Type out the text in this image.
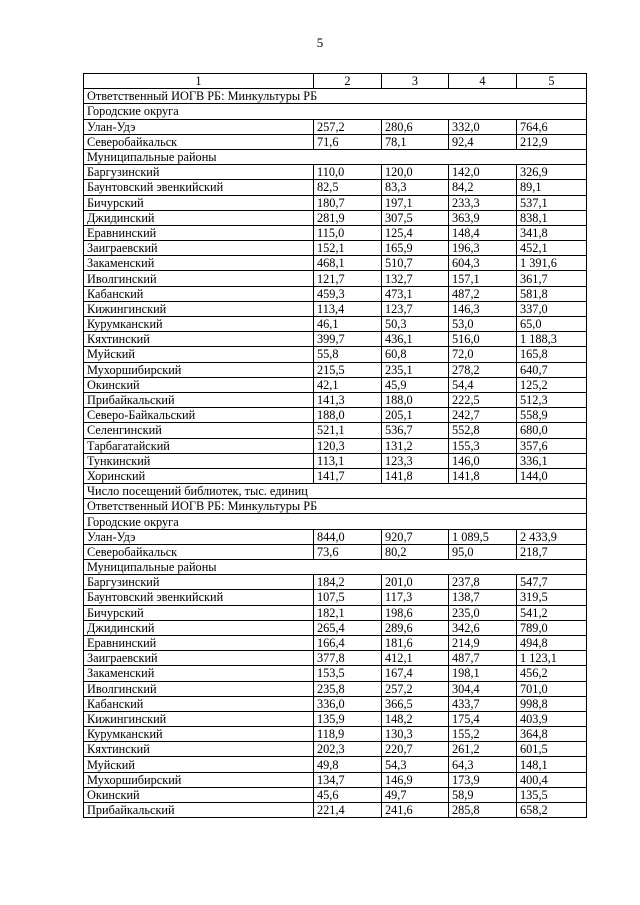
5
1	2	3	4	5
Ответственный ИОГВ РБ: Минкультуры РБ				
Городские округа				
Улан-Удэ	257,2	280,6	332,0	764,6
Северобайкальск	71,6	78,1	92,4	212,9
Муниципальные районы				
Баргузинский	110,0	120,0	142,0	326,9
Баунтовский эвенкийский	82,5	83,3	84,2	89,1
Бичурский	180,7	197,1	233,3	537,1
Джидинский	281,9	307,5	363,9	838,1
Еравнинский	115,0	125,4	148,4	341,8
Заиграевский	152,1	165,9	196,3	452,1
Закаменский	468,1	510,7	604,3	1 391,6
Иволгинский	121,7	132,7	157,1	361,7
Кабанский	459,3	473,1	487,2	581,8
Кижингинский	113,4	123,7	146,3	337,0
Курумканский	46,1	50,3	53,0	65,0
Кяхтинский	399,7	436,1	516,0	1 188,3
Муйский	55,8	60,8	72,0	165,8
Мухоршибирский	215,5	235,1	278,2	640,7
Окинский	42,1	45,9	54,4	125,2
Прибайкальский	141,3	188,0	222,5	512,3
Северо-Байкальский	188,0	205,1	242,7	558,9
Селенгинский	521,1	536,7	552,8	680,0
Тарбагатайский	120,3	131,2	155,3	357,6
Тункинский	113,1	123,3	146,0	336,1
Хоринский	141,7	141,8	141,8	144,0
Число посещений библиотек, тыс. единиц				
Ответственный ИОГВ РБ: Минкультуры РБ				
Городские округа				
Улан-Удэ	844,0	920,7	1 089,5	2 433,9
Северобайкальск	73,6	80,2	95,0	218,7
Муниципальные районы				
Баргузинский	184,2	201,0	237,8	547,7
Баунтовский эвенкийский	107,5	117,3	138,7	319,5
Бичурский	182,1	198,6	235,0	541,2
Джидинский	265,4	289,6	342,6	789,0
Еравнинский	166,4	181,6	214,9	494,8
Заиграевский	377,8	412,1	487,7	1 123,1
Закаменский	153,5	167,4	198,1	456,2
Иволгинский	235,8	257,2	304,4	701,0
Кабанский	336,0	366,5	433,7	998,8
Кижингинский	135,9	148,2	175,4	403,9
Курумканский	118,9	130,3	155,2	364,8
Кяхтинский	202,3	220,7	261,2	601,5
Муйский	49,8	54,3	64,3	148,1
Мухоршибирский	134,7	146,9	173,9	400,4
Окинский	45,6	49,7	58,9	135,5
Прибайкальский	221,4	241,6	285,8	658,2
